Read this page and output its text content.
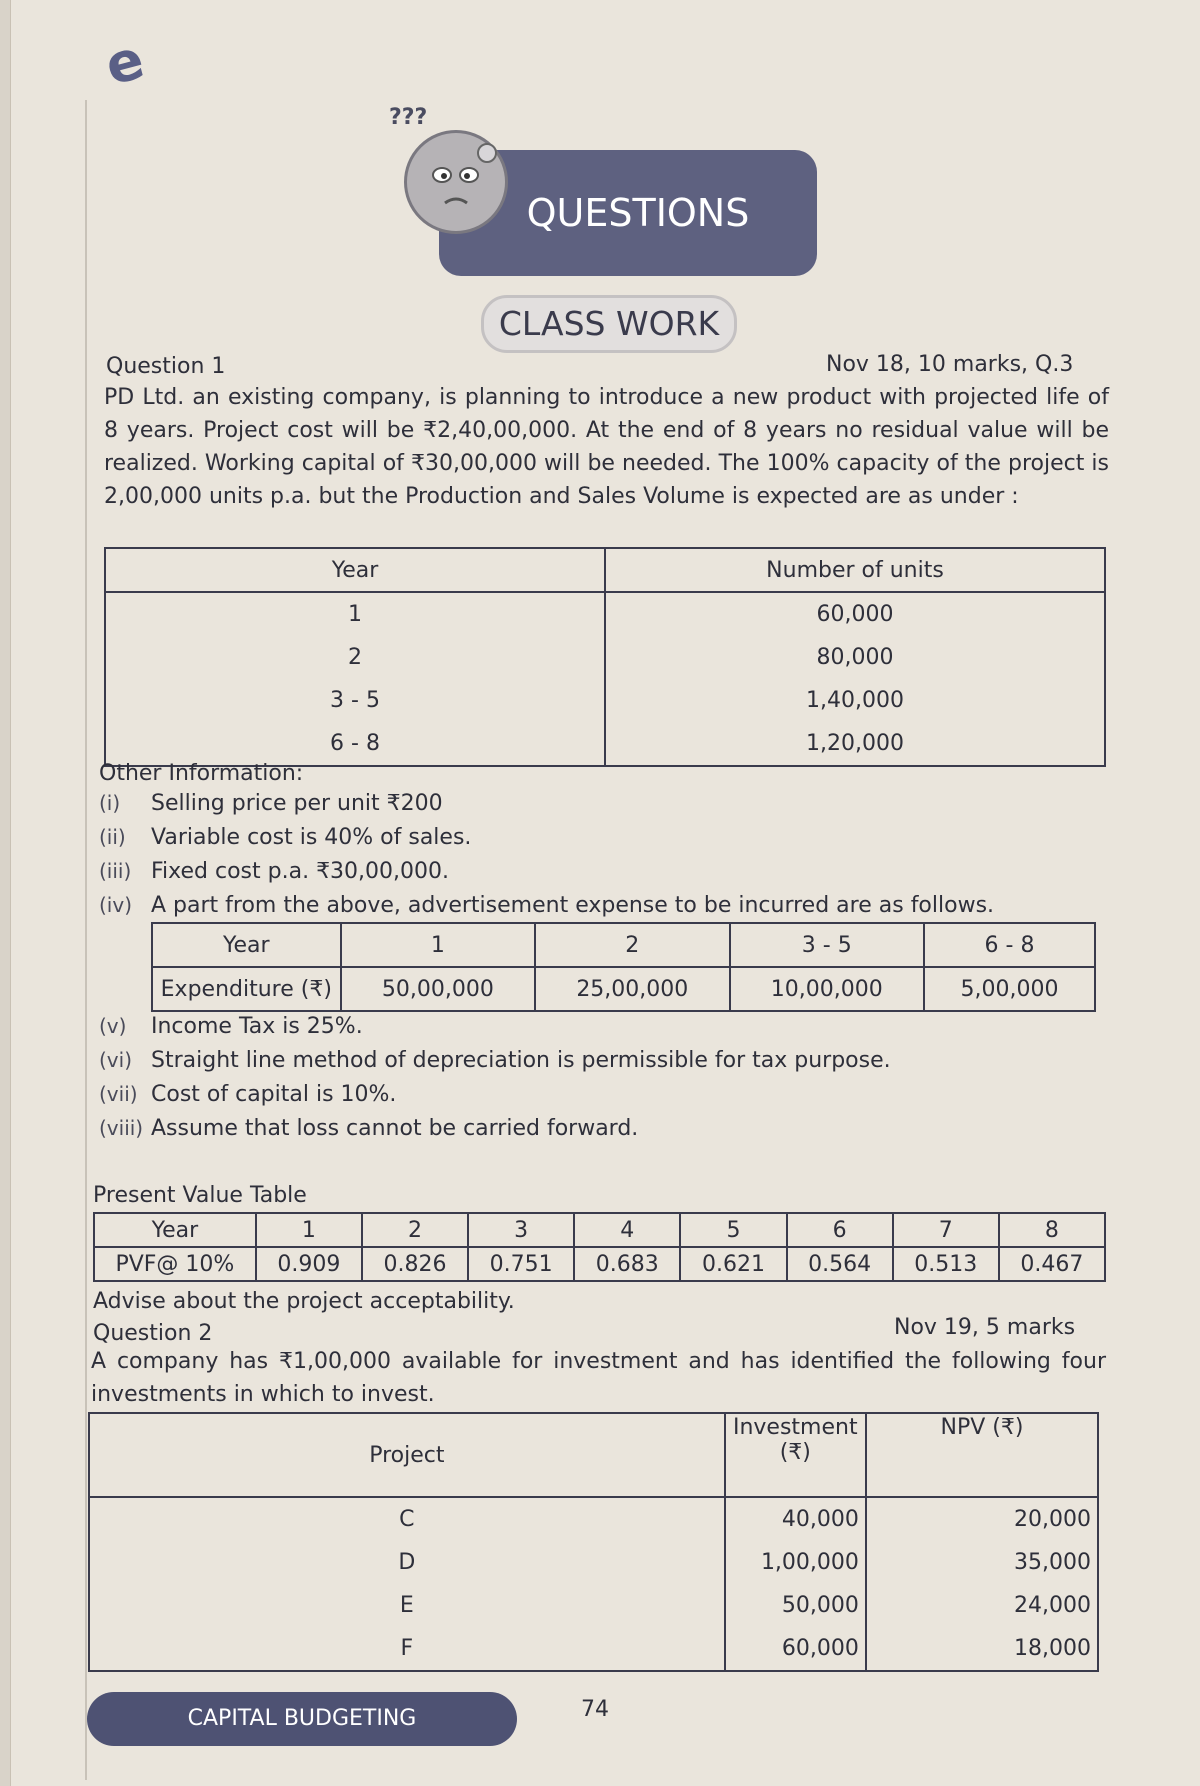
e
QUESTIONS
???
CLASS WORK
Question 1	Nov 18, 10 marks, Q.3
PD Ltd. an existing company, is planning to introduce a new product with projected life of 8 years. Project cost will be ₹2,40,00,000. At the end of 8 years no residual value will be realized. Working capital of ₹30,00,000 will be needed. The 100% capacity of the project is 2,00,000 units p.a. but the Production and Sales Volume is expected are as under :
Year	Number of units
1	60,000
2	80,000
3 - 5	1,40,000
6 - 8	1,20,000
Other Information:
(i) Selling price per unit ₹200
(ii) Variable cost is 40% of sales.
(iii) Fixed cost p.a. ₹30,00,000.
(iv) A part from the above, advertisement expense to be incurred are as follows.
Year	1	2	3 - 5	6 - 8
Expenditure (₹)	50,00,000	25,00,000	10,00,000	5,00,000
(v) Income Tax is 25%.
(vi) Straight line method of depreciation is permissible for tax purpose.
(vii) Cost of capital is 10%.
(viii) Assume that loss cannot be carried forward.
Present Value Table
Year	1	2	3	4	5	6	7	8
PVF@ 10%	0.909	0.826	0.751	0.683	0.621	0.564	0.513	0.467
Advise about the project acceptability.
Question 2	Nov 19, 5 marks
A company has ₹1,00,000 available for investment and has identified the following four investments in which to invest.
Project	Investment (₹)	NPV (₹)
C	40,000	20,000
D	1,00,000	35,000
E	50,000	24,000
F	60,000	18,000
CAPITAL BUDGETING	74
